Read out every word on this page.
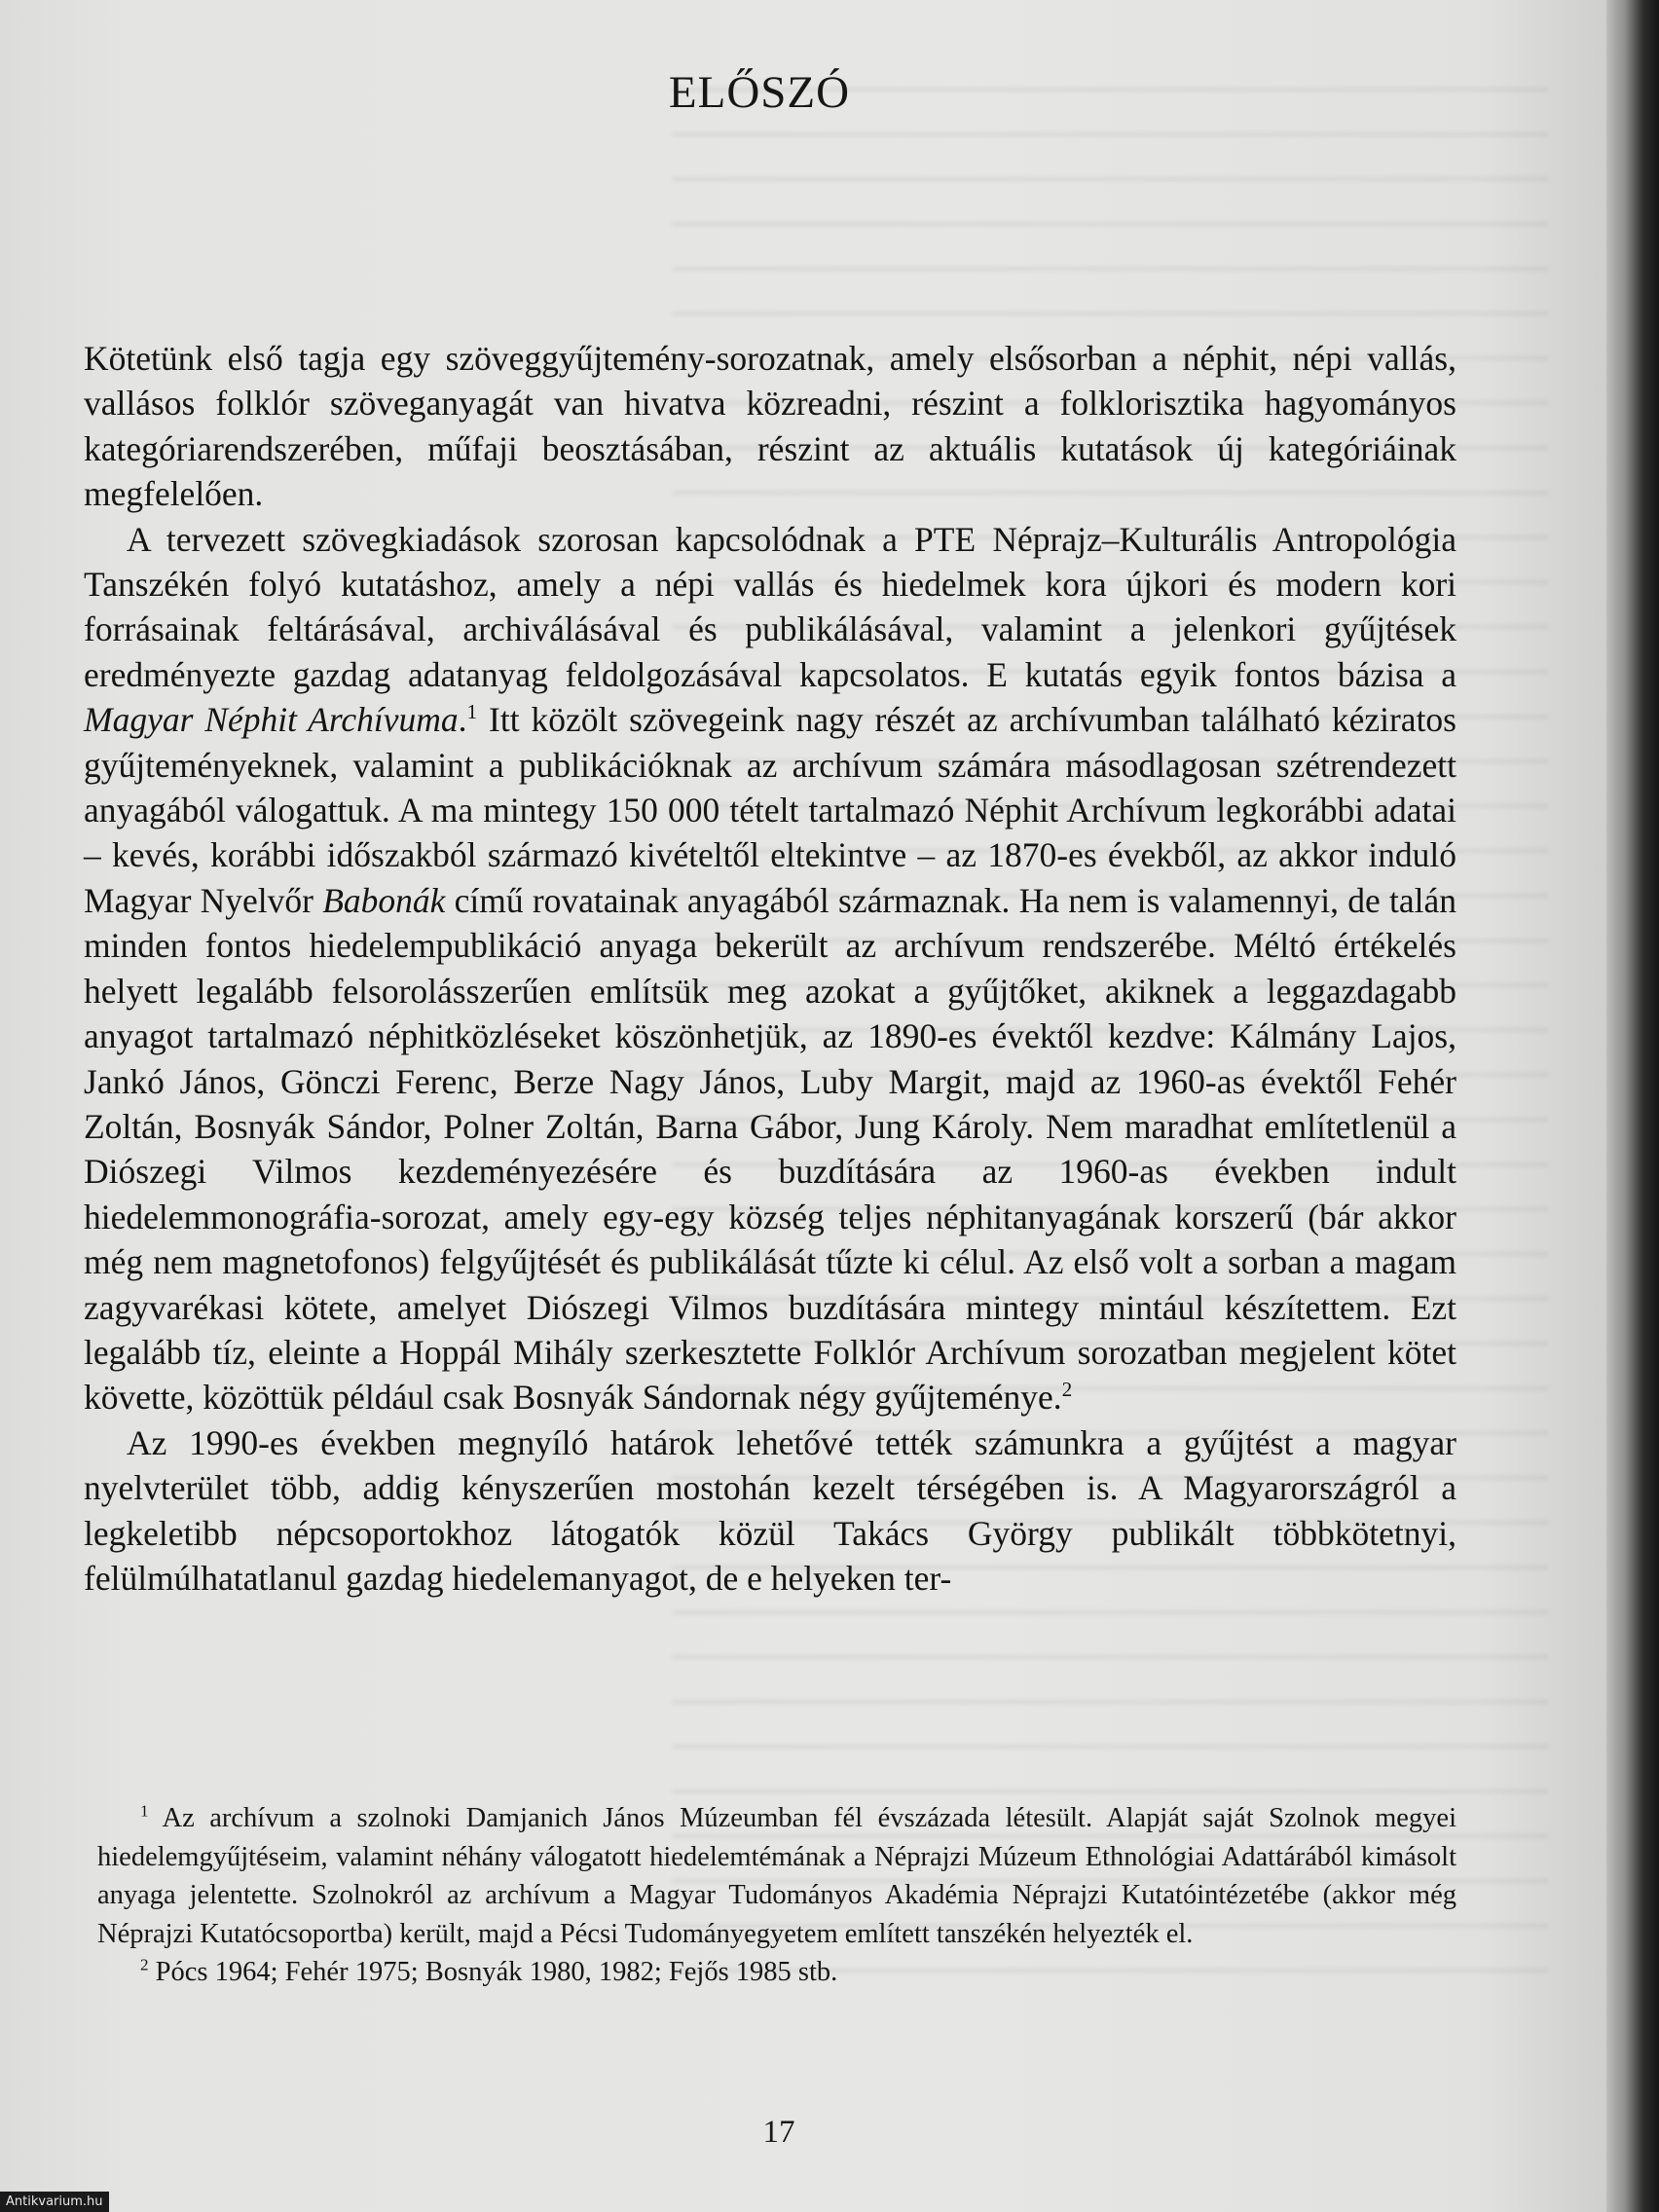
ELŐSZÓ

Kötetünk első tagja egy szöveggyűjtemény-sorozatnak, amely elsősorban a néphit, népi vallás, vallásos folklór szöveganyagát van hivatva közreadni, részint a folklorisztika hagyományos kategóriarendszerében, műfaji beosztásában, részint az aktuális kutatások új kategóriáinak megfelelően.

A tervezett szövegkiadások szorosan kapcsolódnak a PTE Néprajz–Kulturális Antropológia Tanszékén folyó kutatáshoz, amely a népi vallás és hiedelmek kora újkori és modern kori forrásainak feltárásával, archiválásával és publikálásával, valamint a jelenkori gyűjtések eredményezte gazdag adatanyag feldolgozásával kapcsolatos. E kutatás egyik fontos bázisa a Magyar Néphit Archívuma.$^1$ Itt közölt szövegeink nagy részét az archívumban található kéziratos gyűjteményeknek, valamint a publikációknak az archívum számára másodlagosan szétrendezett anyagából válogattuk. A ma mintegy 150 000 tételt tartalmazó Néphit Archívum legkorábbi adatai – kevés, korábbi időszakból származó kivételtől eltekintve – az 1870-es évekből, az akkor induló Magyar Nyelvőr Babonák című rovatainak anyagából származnak. Ha nem is valamennyi, de talán minden fontos hiedelempublikáció anyaga bekerült az archívum rendszerébe. Méltó értékelés helyett legalább felsorolásszerűen említsük meg azokat a gyűjtőket, akiknek a leggazdagabb anyagot tartalmazó néphitközléseket köszönhetjük, az 1890-es évektől kezdve: Kálmány Lajos, Jankó János, Gönczi Ferenc, Berze Nagy János, Luby Margit, majd az 1960-as évektől Fehér Zoltán, Bosnyák Sándor, Polner Zoltán, Barna Gábor, Jung Károly. Nem maradhat említetlenül a Diószegi Vilmos kezdeményezésére és buzdítására az 1960-as években indult hiedelemmonográfia-sorozat, amely egy-egy község teljes néphitanyagának korszerű (bár akkor még nem magnetofonos) felgyűjtését és publikálását tűzte ki célul. Az első volt a sorban a magam zagyvarékasi kötete, amelyet Diószegi Vilmos buzdítására mintegy mintául készítettem. Ezt legalább tíz, eleinte a Hoppál Mihály szerkesztette Folklór Archívum sorozatban megjelent kötet követte, közöttük például csak Bosnyák Sándornak négy gyűjteménye.$^2$

Az 1990-es években megnyíló határok lehetővé tették számunkra a gyűjtést a magyar nyelvterület több, addig kényszerűen mostohán kezelt térségében is. A Magyarországról a legkeletibb népcsoportokhoz látogatók közül Takács György publikált többkötetnyi, felülmúlhatatlanul gazdag hiedelemanyagot, de e helyeken ter-

$^1$ Az archívum a szolnoki Damjanich János Múzeumban fél évszázada létesült. Alapját saját Szolnok megyei hiedelemgyűjtéseim, valamint néhány válogatott hiedelemtémának a Néprajzi Múzeum Ethnológiai Adattárából kimásolt anyaga jelentette. Szolnokról az archívum a Magyar Tudományos Akadémia Néprajzi Kutatóintézetébe (akkor még Néprajzi Kutatócsoportba) került, majd a Pécsi Tudományegyetem említett tanszékén helyezték el.

$^2$ Pócs 1964; Fehér 1975; Bosnyák 1980, 1982; Fejős 1985 stb.

17
Antikvarium.hu
